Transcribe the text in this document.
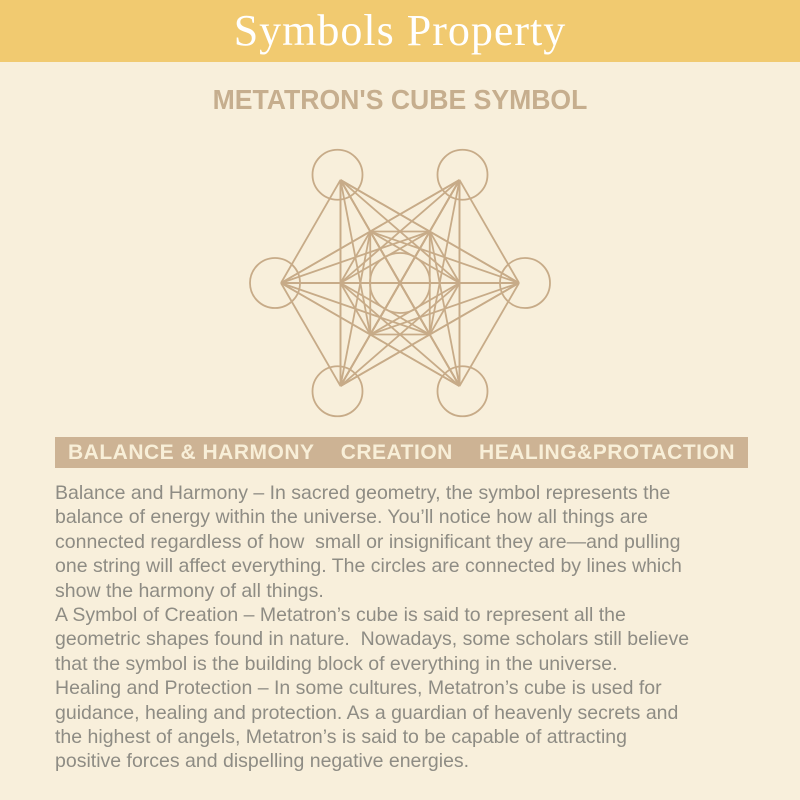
Symbols Property
METATRON'S CUBE SYMBOL
BALANCE & HARMONY CREATION HEALING&PROTACTION
Balance and Harmony – In sacred geometry, the symbol represents the
balance of energy within the universe. You’ll notice how all things are
connected regardless of how  small or insignificant they are—and pulling
one string will affect everything. The circles are connected by lines which
show the harmony of all things.
A Symbol of Creation – Metatron’s cube is said to represent all the
geometric shapes found in nature.  Nowadays, some scholars still believe
that the symbol is the building block of everything in the universe.
Healing and Protection – In some cultures, Metatron’s cube is used for
guidance, healing and protection. As a guardian of heavenly secrets and
the highest of angels, Metatron’s is said to be capable of attracting
positive forces and dispelling negative energies.
